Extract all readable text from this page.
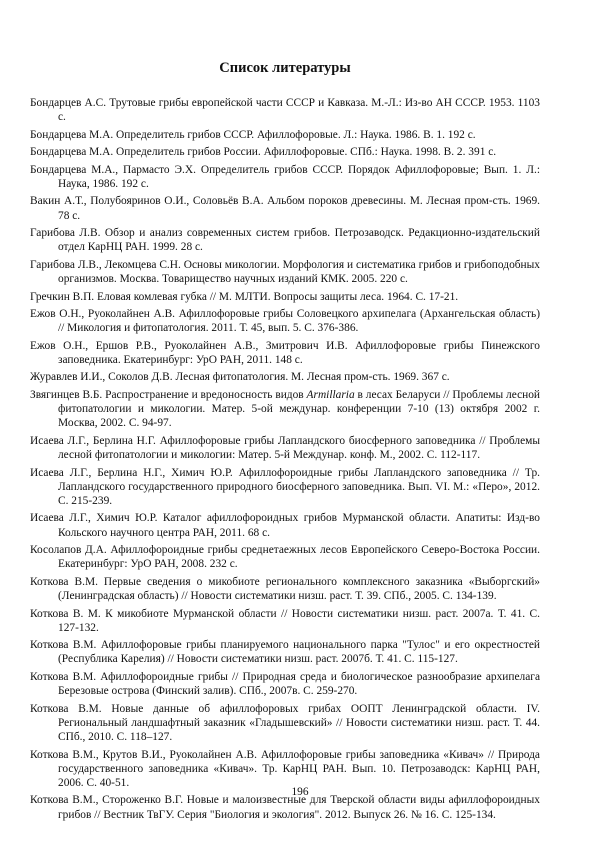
Список литературы
Бондарцев А.С. Трутовые грибы европейской части СССР и Кавказа. М.-Л.: Из-во АН СССР. 1953. 1103 с.
Бондарцева М.А. Определитель грибов СССР. Афиллофоровые. Л.: Наука. 1986. В. 1. 192 с.
Бондарцева М.А. Определитель грибов России. Афиллофоровые. СПб.: Наука. 1998. В. 2. 391 с.
Бондарцева М.А., Пармасто Э.Х. Определитель грибов СССР. Порядок Афиллофоровые; Вып. 1. Л.: Наука, 1986. 192 с.
Вакин А.Т., Полубояринов О.И., Соловьёв В.А. Альбом пороков древесины. М. Лесная пром-сть. 1969. 78 с.
Гарибова Л.В. Обзор и анализ современных систем грибов. Петрозаводск. Редакционно-издательский отдел КарНЦ РАН. 1999. 28 с.
Гарибова Л.В., Лекомцева С.Н. Основы микологии. Морфология и систематика грибов и грибоподобных организмов. Москва. Товарищество научных изданий КМК. 2005. 220 с.
Гречкин В.П. Еловая комлевая губка // М. МЛТИ. Вопросы защиты леса. 1964. С. 17-21.
Ежов О.Н., Руоколайнен А.В. Афиллофоровые грибы Соловецкого архипелага (Архангельская область) // Микология и фитопатология. 2011. Т. 45, вып. 5. С. 376-386.
Ежов О.Н., Ершов Р.В., Руоколайнен А.В., Змитрович И.В. Афиллофоровые грибы Пинежского заповедника. Екатеринбург: УрО РАН, 2011. 148 с.
Журавлев И.И., Соколов Д.В. Лесная фитопатология. М. Лесная пром-сть. 1969. 367 с.
Звягинцев В.Б. Распространение и вредоносность видов Armillaria в лесах Беларуси // Проблемы лесной фитопатологии и микологии. Матер. 5-ой междунар. конференции 7-10 (13) октября 2002 г. Москва, 2002. С. 94-97.
Исаева Л.Г., Берлина Н.Г. Афиллофоровые грибы Лапландского биосферного заповедника // Проблемы лесной фитопатологии и микологии: Матер. 5-й Междунар. конф. М., 2002. С. 112-117.
Исаева Л.Г., Берлина Н.Г., Химич Ю.Р. Афиллофороидные грибы Лапландского заповедника // Тр. Лапландского государственного природного биосферного заповедника. Вып. VI. М.: «Перо», 2012. С. 215-239.
Исаева Л.Г., Химич Ю.Р. Каталог афиллофороидных грибов Мурманской области. Апатиты: Изд-во Кольского научного центра РАН, 2011. 68 с.
Косолапов Д.А. Афиллофороидные грибы среднетаежных лесов Европейского Северо-Востока России. Екатеринбург: УрО РАН, 2008. 232 с.
Коткова В.М. Первые сведения о микобиоте регионального комплексного заказника «Выборгский» (Ленинградская область) // Новости систематики низш. раст. Т. 39. СПб., 2005. С. 134-139.
Коткова В. М. К микобиоте Мурманской области // Новости систематики низш. раст. 2007а. Т. 41. С. 127-132.
Коткова В.М. Афиллофоровые грибы планируемого национального парка "Тулос" и его окрестностей (Республика Карелия) // Новости систематики низш. раст. 2007б. Т. 41. С. 115-127.
Коткова В.М. Афиллофороидные грибы // Природная среда и биологическое разнообразие архипелага Березовые острова (Финский залив). СПб., 2007в. С. 259-270.
Коткова В.М. Новые данные об афиллофоровых грибах ООПТ Ленинградской области. IV. Региональный ландшафтный заказник «Гладышевский» // Новости систематики низш. раст. Т. 44. СПб., 2010. С. 118–127.
Коткова В.М., Крутов В.И., Руоколайнен А.В. Афиллофоровые грибы заповедника «Кивач» // Природа государственного заповедника «Кивач». Тр. КарНЦ РАН. Вып. 10. Петрозаводск: КарНЦ РАН, 2006. С. 40-51.
Коткова В.М., Стороженко В.Г. Новые и малоизвестные для Тверской области виды афиллофороидных грибов // Вестник ТвГУ. Серия "Биология и экология". 2012. Выпуск 26. № 16. С. 125-134.
196
